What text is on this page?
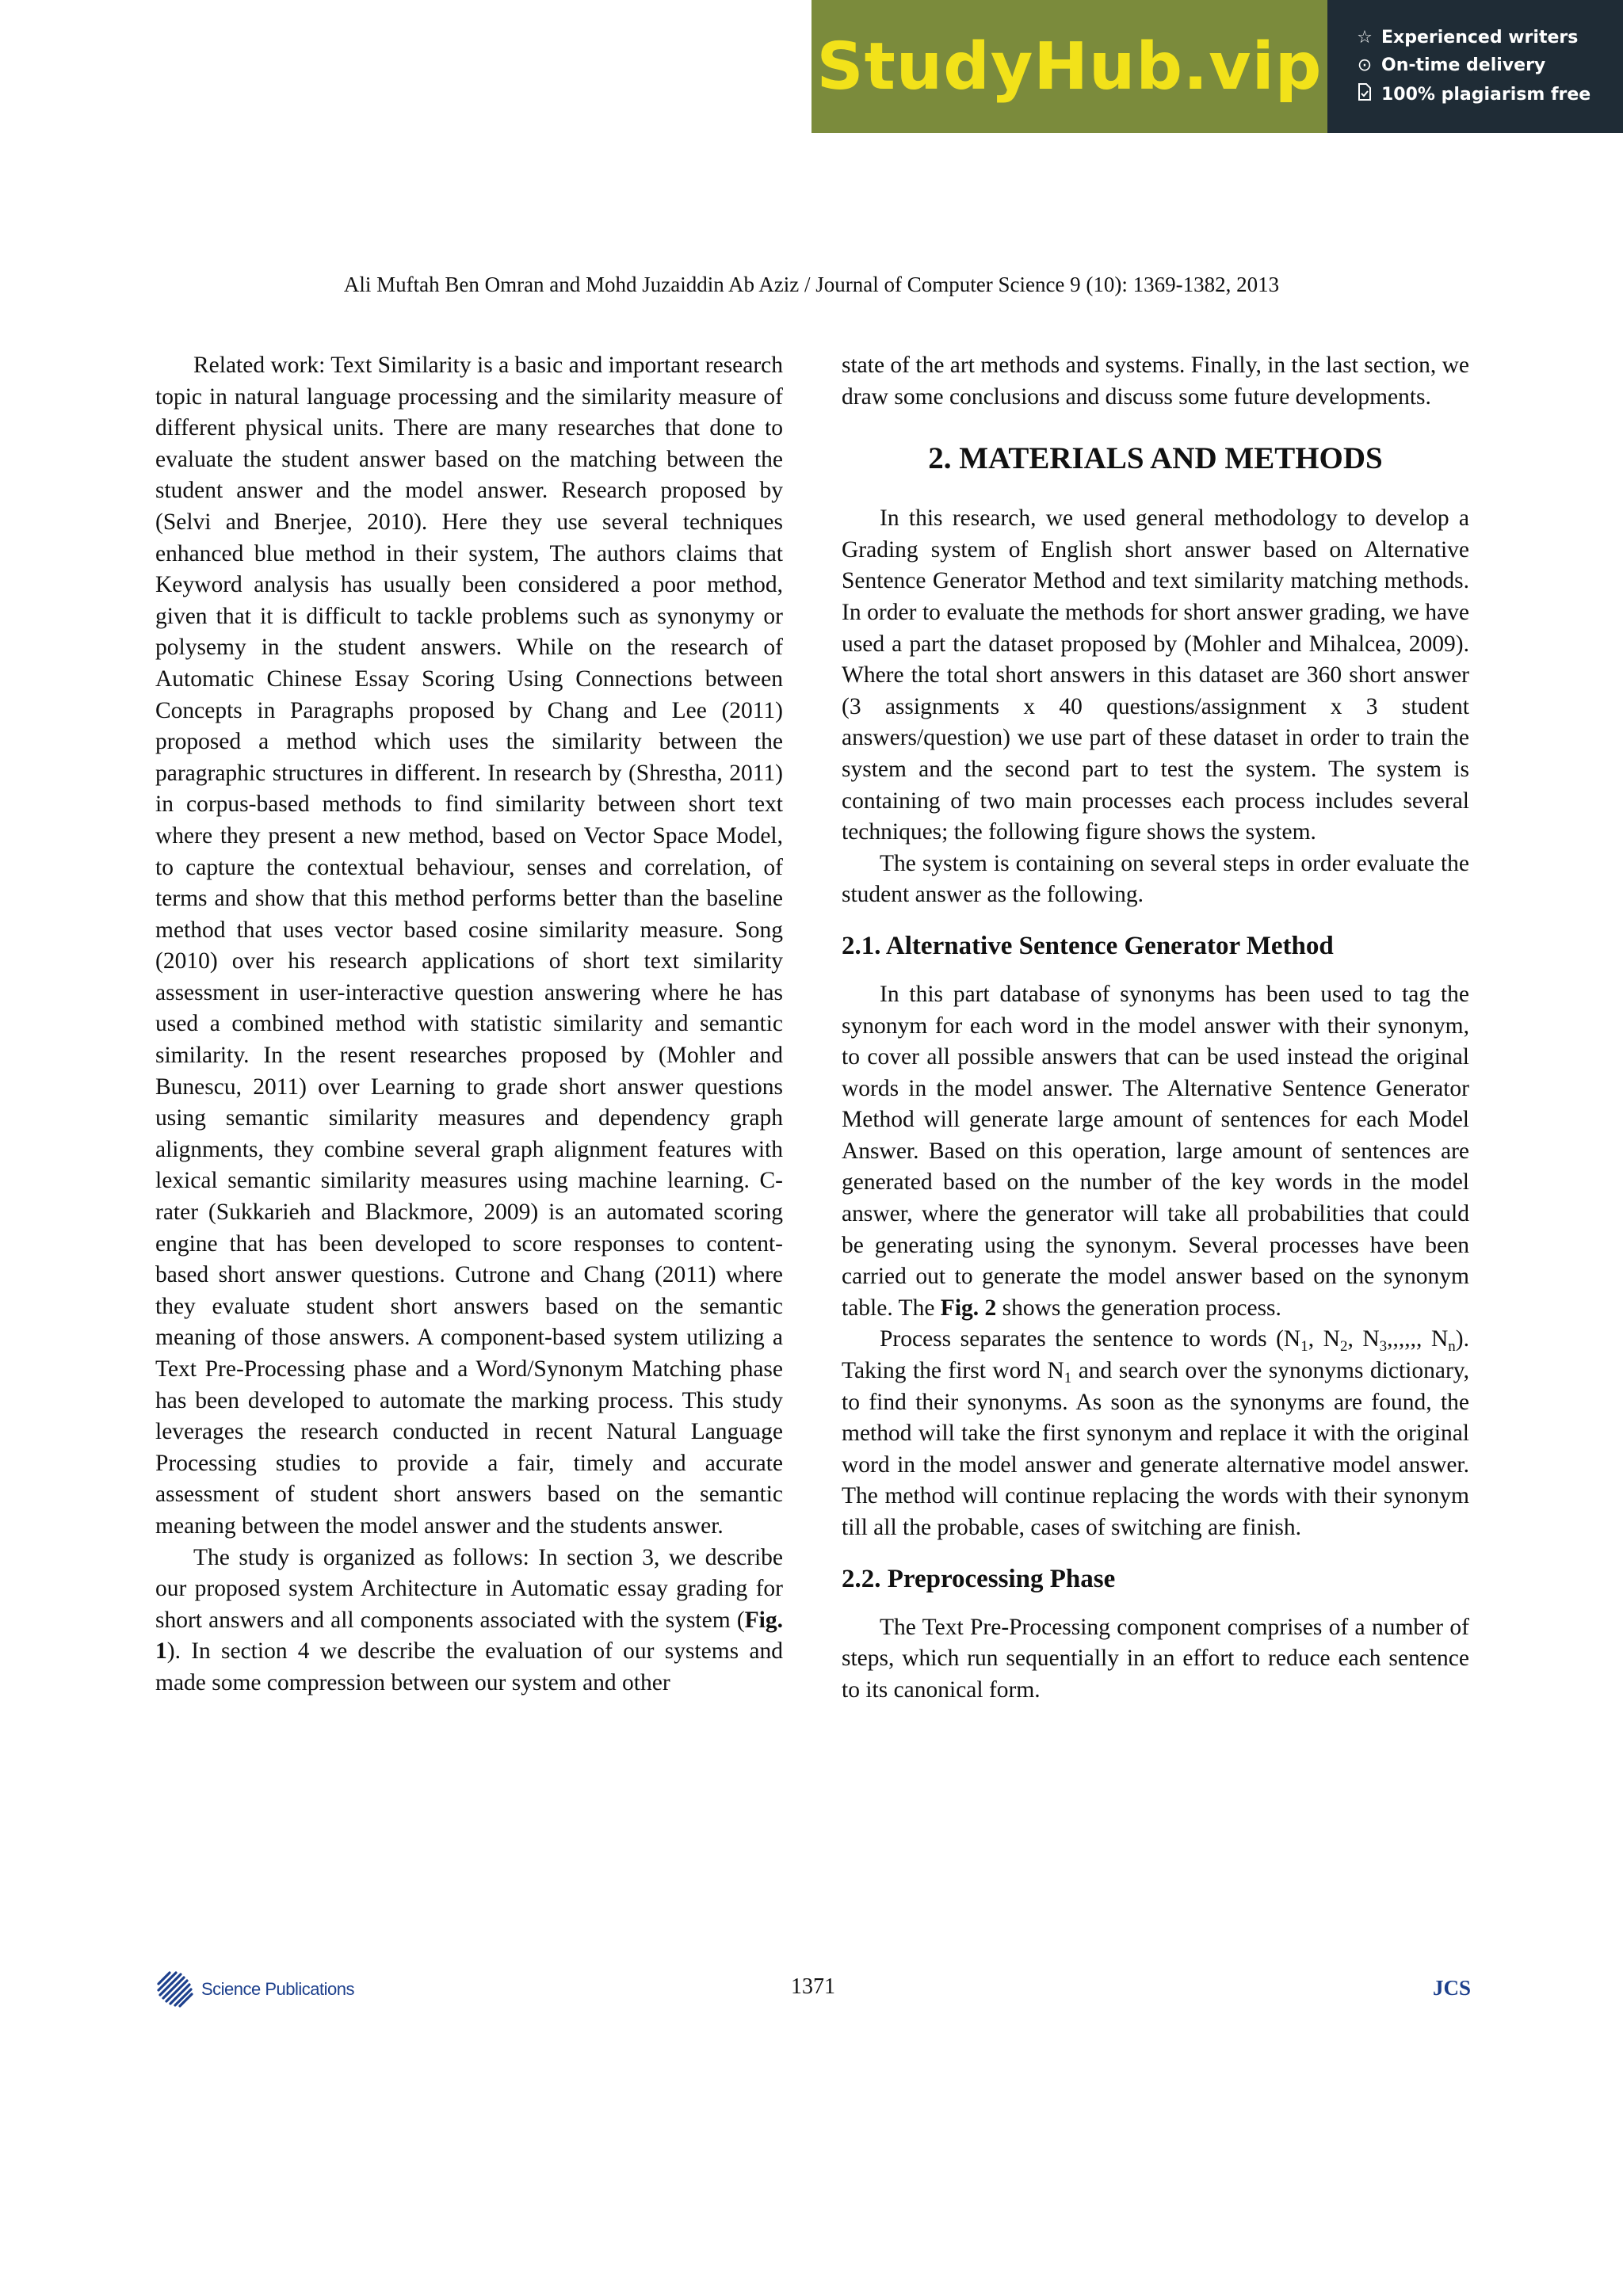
StudyHub.vip ☆ Experienced writers
⊙ On-time delivery
100% plagiarism free
Ali Muftah Ben Omran and Mohd Juzaiddin Ab Aziz / Journal of Computer Science 9 (10): 1369-1382, 2013

Related work: Text Similarity is a basic and important research topic in natural language processing and the similarity measure of different physical units. There are many researches that done to evaluate the student answer based on the matching between the student answer and the model answer. Research proposed by (Selvi and Bnerjee, 2010). Here they use several techniques enhanced blue method in their system, The authors claims that Keyword analysis has usually been considered a poor method, given that it is difficult to tackle problems such as synonymy or polysemy in the student answers. While on the research of Automatic Chinese Essay Scoring Using Connections between Concepts in Paragraphs proposed by Chang and Lee (2011) proposed a method which uses the similarity between the paragraphic structures in different. In research by (Shrestha, 2011) in corpus-based methods to find similarity between short text where they present a new method, based on Vector Space Model, to capture the contextual behaviour, senses and correlation, of terms and show that this method performs better than the baseline method that uses vector based cosine similarity measure. Song (2010) over his research applications of short text similarity assessment in user-interactive question answering where he has used a combined method with statistic similarity and semantic similarity. In the resent researches proposed by (Mohler and Bunescu, 2011) over Learning to grade short answer questions using semantic similarity measures and dependency graph alignments, they combine several graph alignment features with lexical semantic similarity measures using machine learning. C-rater (Sukkarieh and Blackmore, 2009) is an automated scoring engine that has been developed to score responses to content-based short answer questions. Cutrone and Chang (2011) where they evaluate student short answers based on the semantic meaning of those answers. A component-based system utilizing a Text Pre-Processing phase and a Word/Synonym Matching phase has been developed to automate the marking process. This study leverages the research conducted in recent Natural Language Processing studies to provide a fair, timely and accurate assessment of student short answers based on the semantic meaning between the model answer and the students answer.

The study is organized as follows: In section 3, we describe our proposed system Architecture in Automatic essay grading for short answers and all components associated with the system (Fig. 1). In section 4 we describe the evaluation of our systems and made some compression between our system and other

state of the art methods and systems. Finally, in the last section, we draw some conclusions and discuss some future developments.

2. MATERIALS AND METHODS

In this research, we used general methodology to develop a Grading system of English short answer based on Alternative Sentence Generator Method and text similarity matching methods. In order to evaluate the methods for short answer grading, we have used a part the dataset proposed by (Mohler and Mihalcea, 2009). Where the total short answers in this dataset are 360 short answer (3 assignments x 40 questions/assignment x 3 student answers/question) we use part of these dataset in order to train the system and the second part to test the system. The system is containing of two main processes each process includes several techniques; the following figure shows the system.

The system is containing on several steps in order evaluate the student answer as the following.

2.1. Alternative Sentence Generator Method

In this part database of synonyms has been used to tag the synonym for each word in the model answer with their synonym, to cover all possible answers that can be used instead the original words in the model answer. The Alternative Sentence Generator Method will generate large amount of sentences for each Model Answer. Based on this operation, large amount of sentences are generated based on the number of the key words in the model answer, where the generator will take all probabilities that could be generating using the synonym. Several processes have been carried out to generate the model answer based on the synonym table. The Fig. 2 shows the generation process.

Process separates the sentence to words ($N_1$, $N_2$, $N_3$,,,,,, $N_n$). Taking the first word $N_1$ and search over the synonyms dictionary, to find their synonyms. As soon as the synonyms are found, the method will take the first synonym and replace it with the original word in the model answer and generate alternative model answer. The method will continue replacing the words with their synonym till all the probable, cases of switching are finish.

2.2. Preprocessing Phase

The Text Pre-Processing component comprises of a number of steps, which run sequentially in an effort to reduce each sentence to its canonical form.

Science Publications	1371	JCS
